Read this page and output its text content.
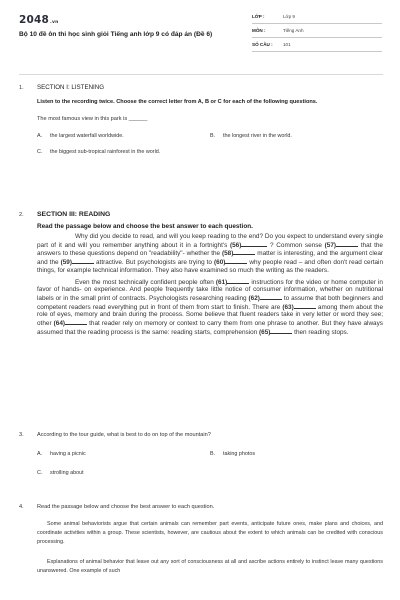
2048.vn
Bộ 10 đề ôn thi học sinh giỏi Tiếng anh lớp 9 có đáp án (Đề 6)
LỚP :	Lớp 9
MÔN :	Tiếng Anh
SỐ CÂU :	101
1. SECTION I: LISTENING
Listen to the recording twice. Choose the correct letter from A, B or C for each of the following questions.
The most famous view in this park is ______
A.	the largest waterfall worldwide.	B.	the longest river in the world.
C.	the biggest sub-tropical rainforest in the world.
2. SECTION III: READING
Read the passage below and choose the best answer to each question.

Why did you decide to read, and will you keep reading to the end? Do you expect to understand every single part of it and will you remember anything about it in a fortnight's (56)	? Common sense (57)	that the answers to these questions depend on "readability"- whether the (58)	matter is interesting, and the argument clear and the (59)	attractive. But psychologists are trying to (60)	why people read – and often don't read certain things, for example technical information. They also have examined so much the writing as the readers.

Even the most technically confident people often (61)	instructions for the video or home computer in favor of hands- on experience. And people frequently take little notice of consumer information, whether on nutritional labels or in the small print of contracts. Psychologists researching reading (62)	to assume that both beginners and competent readers read everything put in front of them from start to finish. There are (63)	among them about the role of eyes, memory and brain during the process. Some believe that fluent readers take in very letter or word they see; other (64)	that reader rely on memory or context to carry them from one phrase to another. But they have always assumed that the reading process is the same: reading starts, comprehension (65)	then reading stops.

3. According to the tour guide, what is best to do on top of the mountain?
A.	having a picnic	B.	taking photos
C.	strolling about
4. Read the passage below and choose the best answer to each question.

Some animal behaviorists argue that certain animals can remember part events, anticipate future ones, make plans and choices, and coordinate activities within a group. These scientists, however, are cautious about the extent to which animals can be credited with conscious processing.

Explanations of animal behavior that leave out any sort of consciousness at all and ascribe actions entirely to instinct leave many questions unanswered. One example of such
